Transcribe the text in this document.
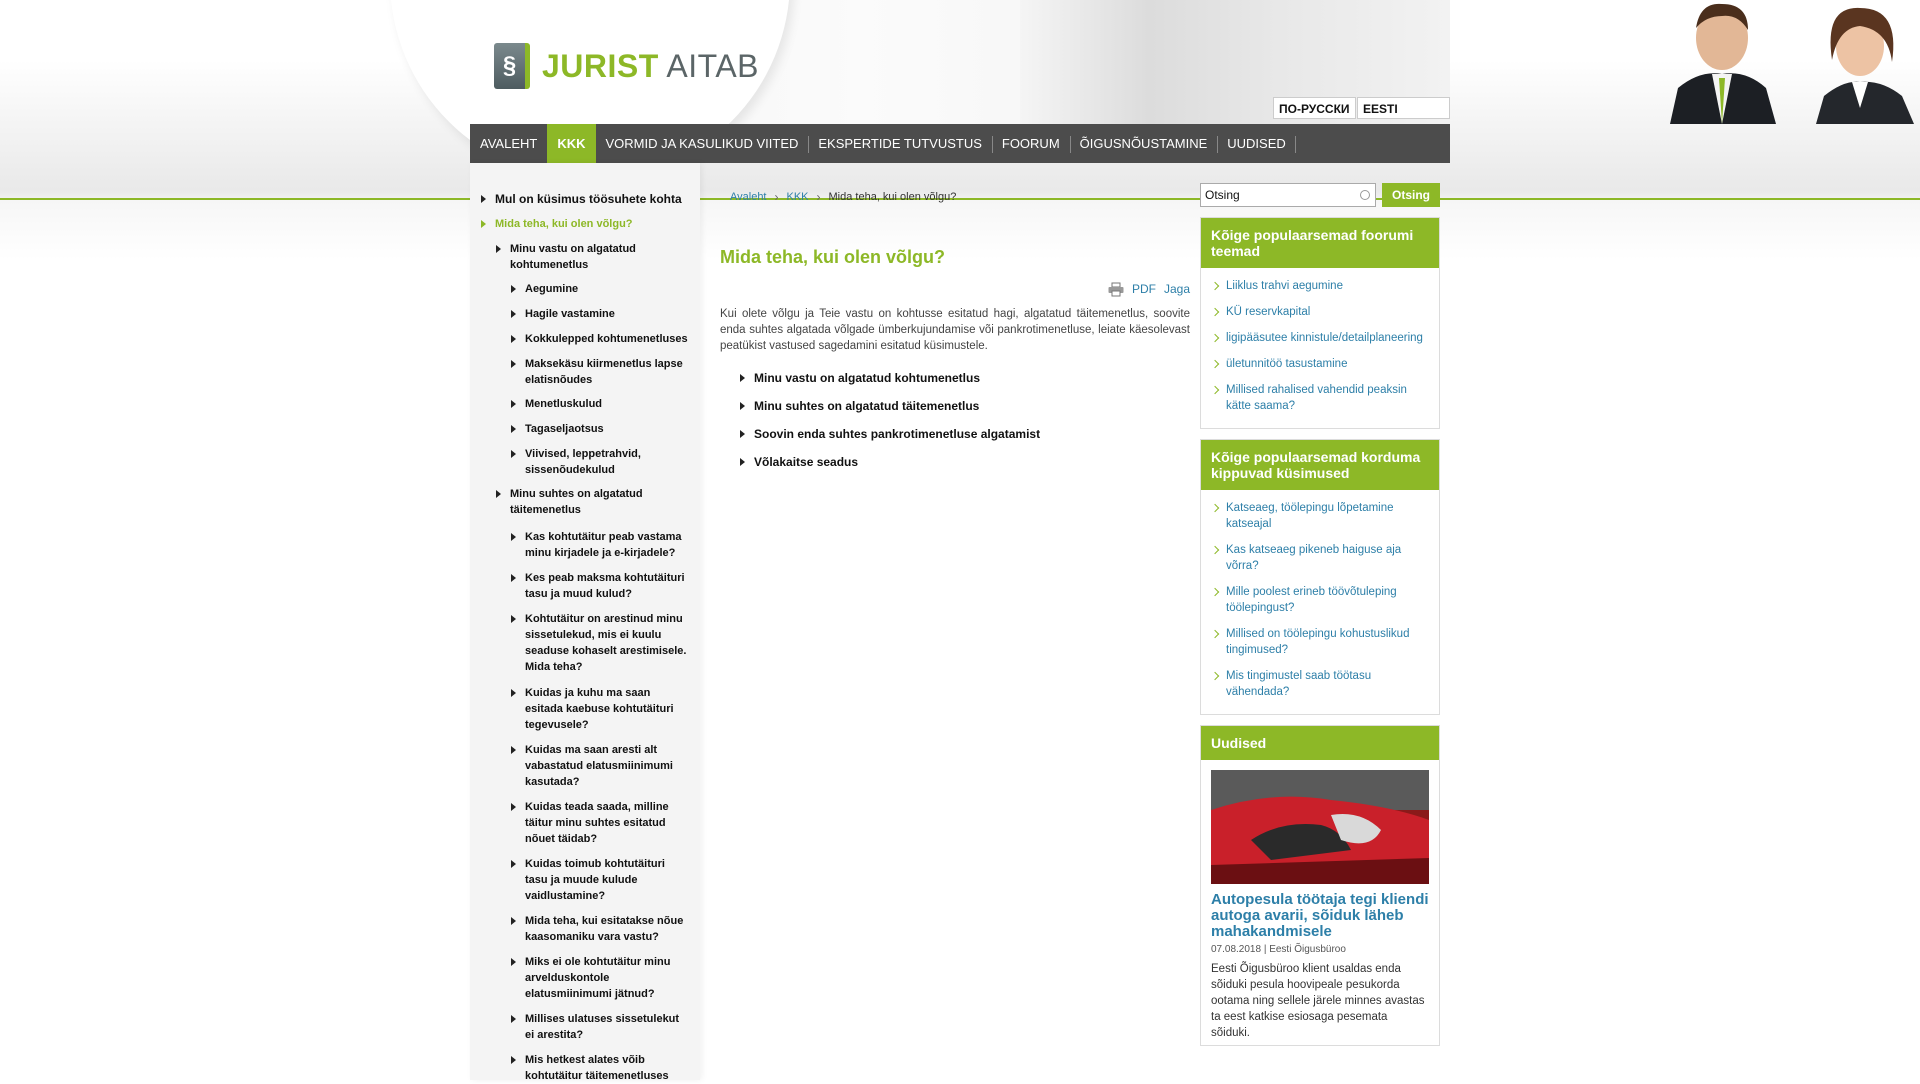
§ JURIST AITAB
ПО-РУССКИ	EESTI
AVALEHT	KKK	VORMID JA KASULIKUD VIITED	EKSPERTIDE TUTVUSTUS	FOORUM	ÕIGUSNÕUSTAMINE	UUDISED
Mul on küsimus töösuhete kohta
Mida teha, kui olen võlgu?
Minu vastu on algatatud kohtumenetlus
Aegumine
Hagile vastamine
Kokkulepped kohtumenetluses
Maksekäsu kiirmenetlus lapse elatisnõudes
Menetluskulud
Tagaseljaotsus
Viivised, leppetrahvid, sissenõudekulud
Minu suhtes on algatatud täitemenetlus
Kas kohtutäitur peab vastama minu kirjadele ja e-kirjadele?
Kes peab maksma kohtutäituri tasu ja muud kulud?
Kohtutäitur on arestinud minu sissetulekud, mis ei kuulu seaduse kohaselt arestimisele. Mida teha?
Kuidas ja kuhu ma saan esitada kaebuse kohtutäituri tegevusele?
Kuidas ma saan aresti alt vabastatud elatusmiinimumi kasutada?
Kuidas teada saada, milline täitur minu suhtes esitatud nõuet täidab?
Kuidas toimub kohtutäituri tasu ja muude kulude vaidlustamine?
Mida teha, kui esitatakse nõue kaasomaniku vara vastu?
Miks ei ole kohtutäitur minu arvelduskontole elatusmiinimumi jätnud?
Millises ulatuses sissetulekut ei arestita?
Mis hetkest alates võib kohtutäitur täitemenetluses
Avaleht › KKK › Mida teha, kui olen võlgu?
Mida teha, kui olen võlgu?
PDF Jaga

Kui olete võlgu ja Teie vastu on kohtusse esitatud hagi, algatatud täitemenetlus, soovite enda suhtes algatada võlgade ümberkujundamise või pankrotimenetluse, leiate käesolevast peatükist vastused sagedamini esitatud küsimustele.

Minu vastu on algatatud kohtumenetlus
Minu suhtes on algatatud täitemenetlus
Soovin enda suhtes pankrotimenetluse algatamist
Võlakaitse seadus
Otsing
Otsing
Kõige populaarsemad foorumi teemad
Liiklus trahvi aegumine
KÜ reservkapital
ligipääsutee kinnistule/detailplaneering
ületunnitöö tasustamine
Millised rahalised vahendid peaksin kätte saama?
Kõige populaarsemad korduma kippuvad küsimused
Katseaeg, töölepingu lõpetamine katseajal
Kas katseaeg pikeneb haiguse aja võrra?
Mille poolest erineb töövõtuleping töölepingust?
Millised on töölepingu kohustuslikud tingimused?
Mis tingimustel saab töötasu vähendada?
Uudised
Autopesula töötaja tegi kliendi autoga avarii, sõiduk läheb mahakandmisele
07.08.2018 | Eesti Õigusbüroo
Eesti Õigusbüroo klient usaldas enda sõiduki pesula hoovipeale pesukorda ootama ning sellele järele minnes avastas ta eest katkise esiosaga pesemata sõiduki.
